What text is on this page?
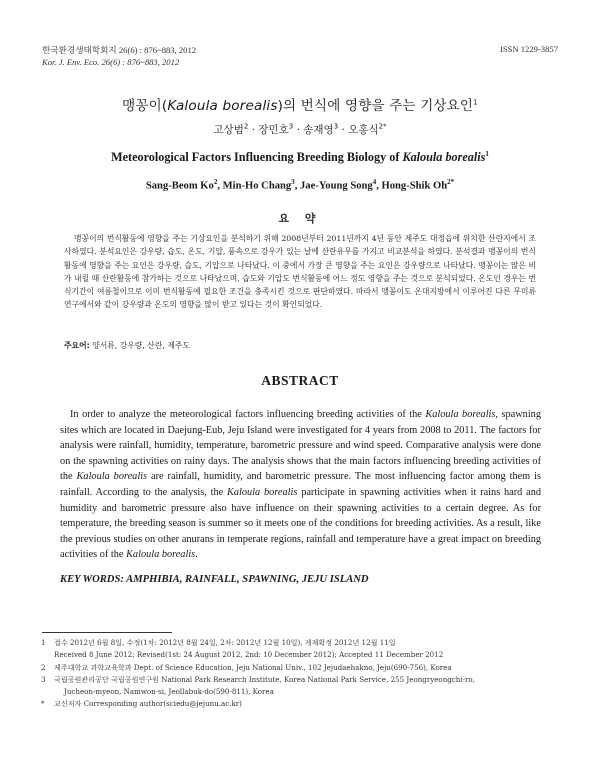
한국환경생태학회지 26(6) : 876~883, 2012	ISSN 1229-3857
Kor. J. Env. Eco. 26(6) : 876~883, 2012
맹꽁이(Kaloula borealis)의 번식에 영향을 주는 기상요인$^1$
고상범$^2$ · 장민호$^3$ · 송재영$^3$ · 오홍식$^{2*}$
Meteorological Factors Influencing Breeding Biology of Kaloula borealis$^1$
Sang-Beom Ko$^2$, Min-Ho Chang$^3$, Jae-Young Song$^4$, Hong-Shik $Oh^{2*}$
요 약

맹꽁이의 번식활동에 영향을 주는 기상요인을 분석하기 위해 2008년부터 2011년까지 4년 동안 제주도 대정읍에 위치한 산란지에서 조사하였다. 분석요인은 강우량, 습도, 온도, 기압, 풍속으로 강우가 있는 날에 산란유무를 가지고 비교분석을 하였다. 분석결과 맹꽁이의 번식활동에 영향을 주는 요인은 강우량, 습도, 기압으로 나타났다. 이 중에서 가장 큰 영향을 주는 요인은 강우량으로 나타났다. 맹꽁이는 많은 비가 내릴 때 산란활동에 참가하는 것으로 나타났으며, 습도와 기압도 번식활동에 어느 정도 영향을 주는 것으로 분석되었다. 온도인 경우는 번식기간이 여름철이므로 이미 번식활동에 필요한 조건을 충족시킨 것으로 판단하였다. 따라서 맹꽁이도 온대지방에서 이루어진 다른 무미류 연구에서와 같이 강우량과 온도의 영향을 많이 받고 있다는 것이 확인되었다.

주요어: 양서류, 강우량, 산란, 제주도
ABSTRACT

In order to analyze the meteorological factors influencing breeding activities of the Kaloula borealis, spawning sites which are located in Daejung-Eub, Jeju Island were investigated for 4 years from 2008 to 2011. The factors for analysis were rainfall, humidity, temperature, barometric pressure and wind speed. Comparative analysis were done on the spawning activities on rainy days. The analysis shows that the main factors influencing breeding activities of the Kaloula borealis are rainfall, humidity, and barometric pressure. The most influencing factor among them is rainfall. According to the analysis, the Kaloula borealis participate in spawning activities when it rains hard and humidity and barometric pressure also have influence on their spawning activities to a certain degree. As for temperature, the breeding season is summer so it meets one of the conditions for breeding activities. As a result, like the previous studies on other anurans in temperate regions, rainfall and temperature have a great impact on breeding activities of the Kaloula borealis.

KEY WORDS: AMPHIBIA, RAINFALL, SPAWNING, JEJU ISLAND
1 접수 2012년 6월 8일, 수정(1차: 2012년 8월 24일, 2차: 2012년 12월 10일), 게재확정 2012년 12월 11일
Received 8 June 2012; Revised(1st: 24 August 2012, 2nd: 10 December 2012); Accepted 11 December 2012
2 제주대학교 과학교육학과 Dept. of Science Education, Jeju National Univ., 102 Jejudaehakno, Jeju(690-756), Korea
3 국립공원관리공단 국립공원연구원 National Park Research Institute, Korea National Park Service, 255 Jeongryeongchi-ro,
Jucheon-myeon, Namwon-si, Jeollabuk-do(590-811), Korea
* 교신저자 Corresponding author(sciedu@jejunu.ac.kr)
